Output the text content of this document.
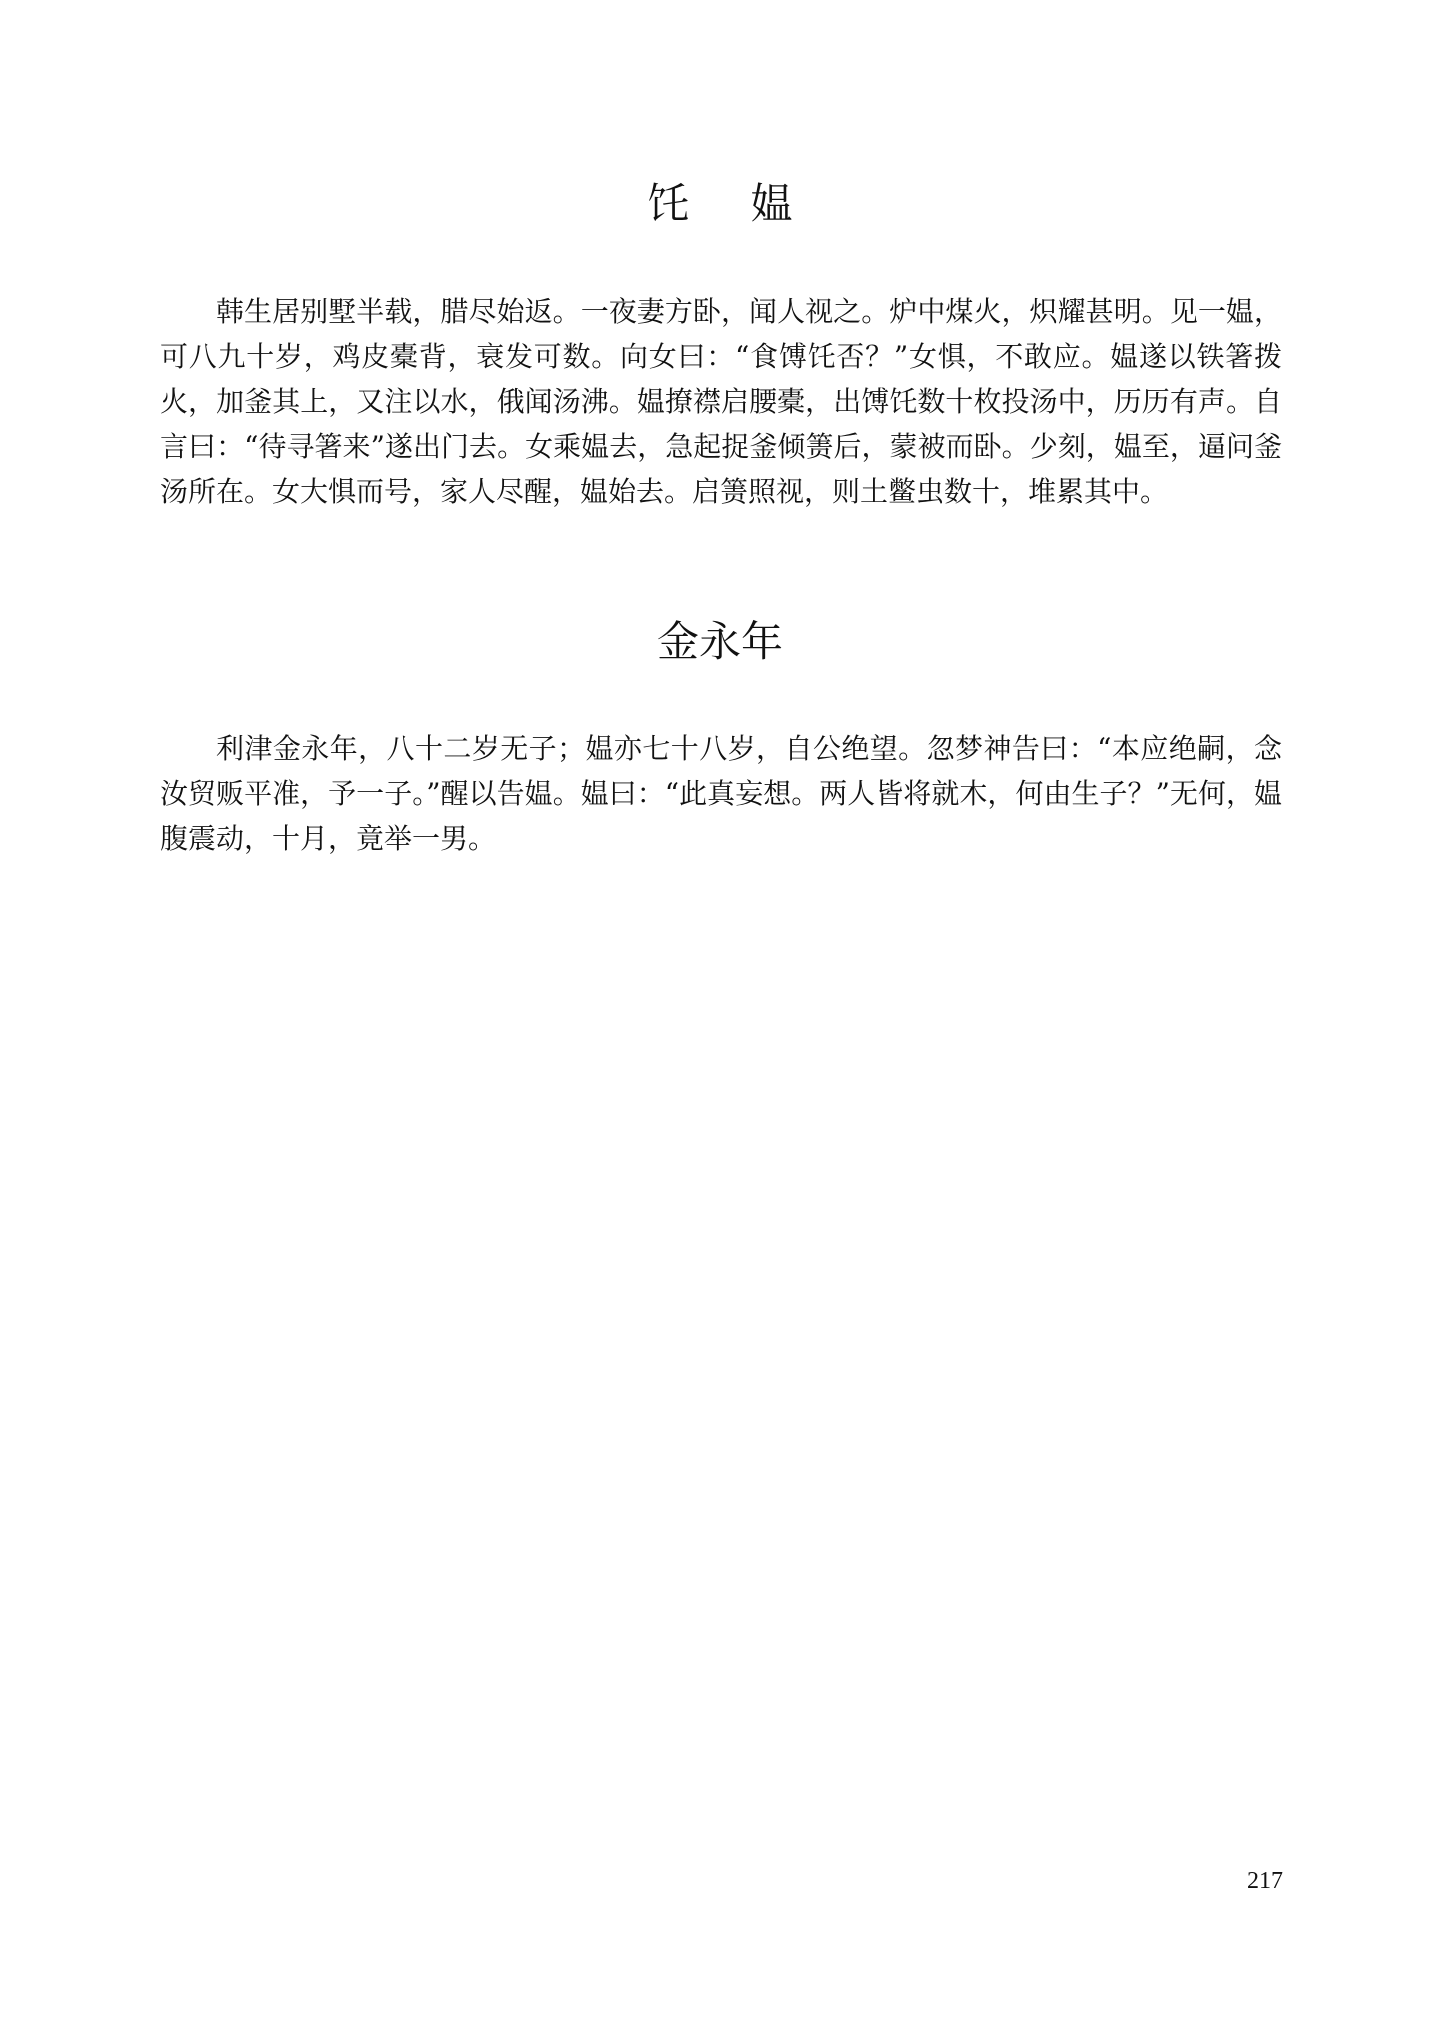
饦 媪

韩生居别墅半载，腊尽始返。一夜妻方卧，闻人视之。炉中煤火，炽耀甚明。见一媪，可八九十岁，鸡皮橐背，衰发可数。向女曰：“食馎饦否？”女惧，不敢应。媪遂以铁箸拨火，加釜其上，又注以水，俄闻汤沸。媪撩襟启腰橐，出馎饦数十枚投汤中，历历有声。自言曰：“待寻箸来”遂出门去。女乘媪去，急起捉釜倾箦后，蒙被而卧。少刻，媪至，逼问釜汤所在。女大惧而号，家人尽醒，媪始去。启箦照视，则土鳖虫数十，堆累其中。

金永年

利津金永年，八十二岁无子；媪亦七十八岁，自公绝望。忽梦神告曰：“本应绝嗣，念汝贸贩平准，予一子。”醒以告媪。媪曰：“此真妄想。两人皆将就木，何由生子？”无何，媪腹震动，十月，竟举一男。

217
